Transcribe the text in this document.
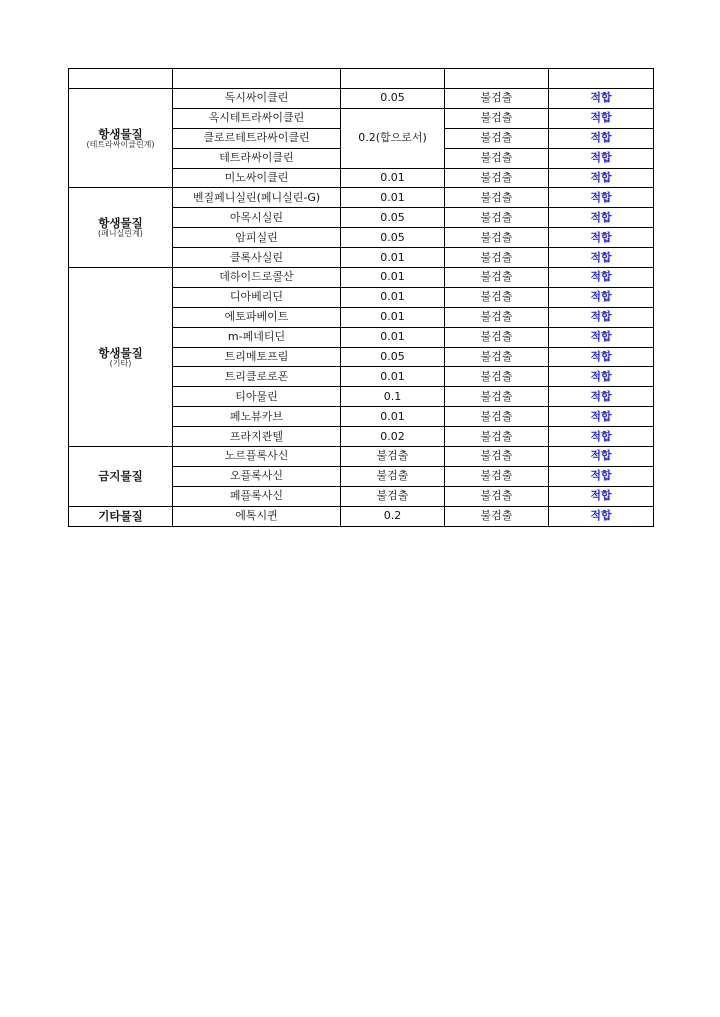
항생물질
(테트라싸이클린계)	독시싸이클린	0.05	불검출	적합
	옥시테트라싸이클린	0.2(합으로서)	불검출	적합
	클로르테트라싸이클린		불검출	적합
	테트라싸이클린		불검출	적합
	미노싸이클린	0.01	불검출	적합

항생물질
(페니실린계)	벤질페니실린(페니실린-G)	0.01	불검출	적합
	아목시실린	0.05	불검출	적합
	암피실린	0.05	불검출	적합
	클록사실린	0.01	불검출	적합

항생물질
(기타)	데하이드로콜산	0.01	불검출	적합
	디아베리딘	0.01	불검출	적합
	에토파베이트	0.01	불검출	적합
	m-페네티딘	0.01	불검출	적합
	트리메토프림	0.05	불검출	적합
	트리클로로폰	0.01	불검출	적합
	티아물린	0.1	불검출	적합
	페노뷰카브	0.01	불검출	적합
	프라지콴텔	0.02	불검출	적합

금지물질	노르플록사신	불검출	불검출	적합
	오플록사신	불검출	불검출	적합
	페플록사신	불검출	불검출	적합

기타물질	에톡시퀸	0.2	불검출	적합
